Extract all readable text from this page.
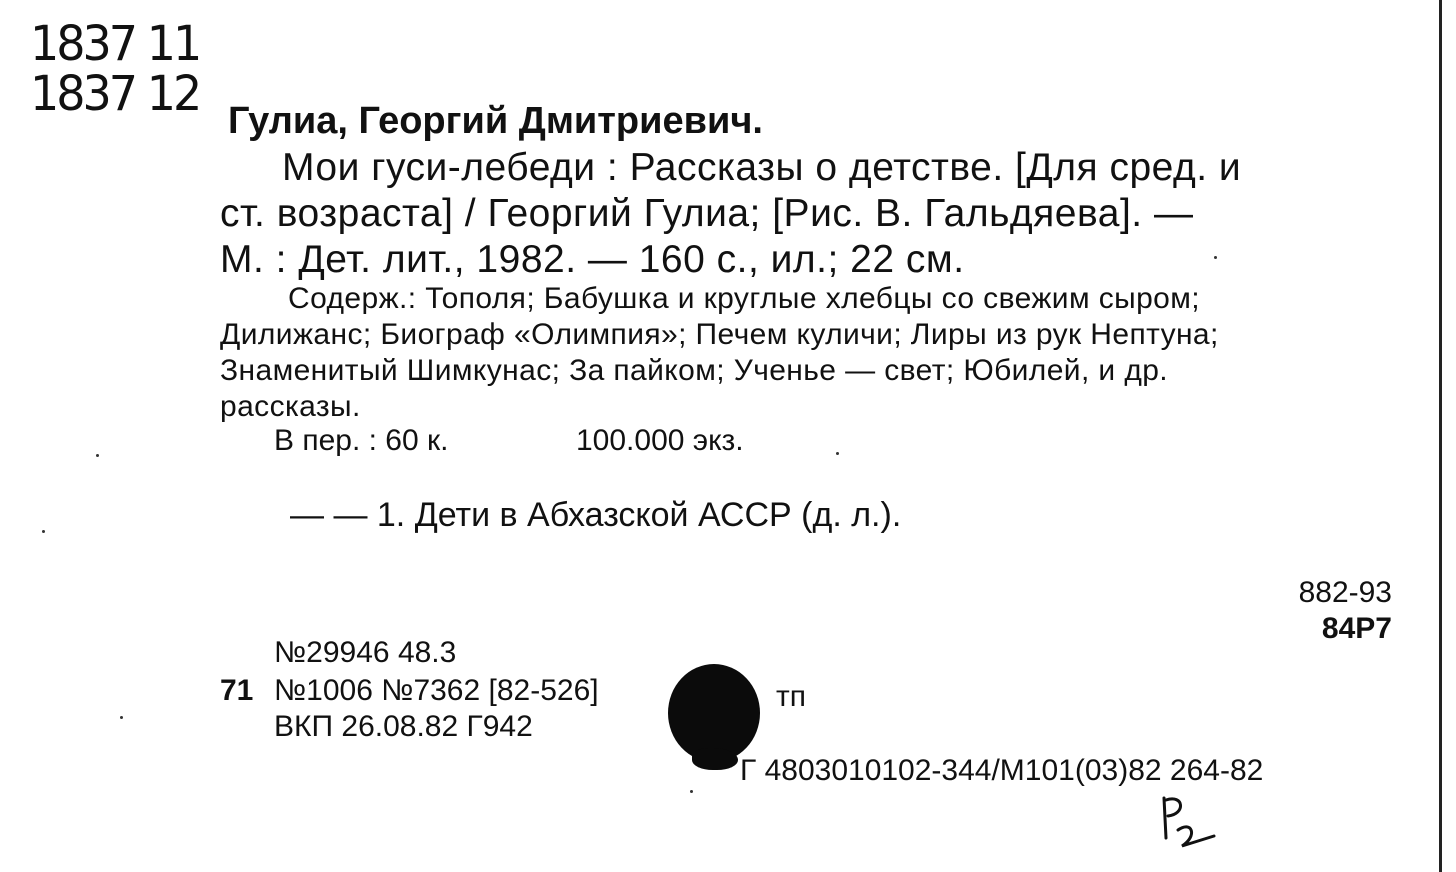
1837 11
1837 12 Гулиа, Георгий Дмитриевич.
Мои гуси-лебеди : Рассказы о детстве. [Для сред. и
ст. возраста] / Георгий Гулиа; [Рис. В. Гальдяева]. —
М. : Дет. лит., 1982. — 160 с., ил.; 22 см.
Содерж.: Тополя; Бабушка и круглые хлебцы со свежим сыром;
Дилижанс; Биограф «Олимпия»; Печем куличи; Лиры из рук Нептуна;
Знаменитый Шимкунас; За пайком; Ученье — свет; Юбилей, и др.
рассказы.
В пер. : 60 к.	100.000 экз.
— — 1. Дети в Абхазской АССР (д. л.).
882-93
84Р7
№29946 48.3
71 №1006 №7362 [82-526]	тп
ВКП 26.08.82 Г942
Г 4803010102-344/М101(03)82 264-82
